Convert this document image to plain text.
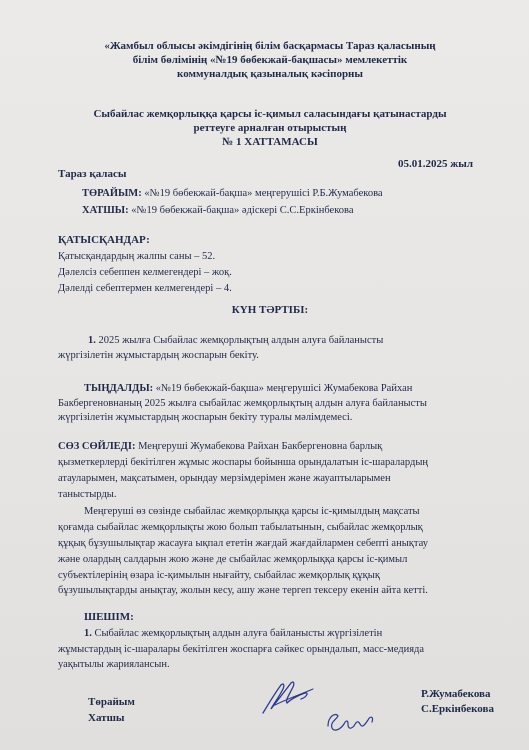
«Жамбыл облысы әкімдігінің білім басқармасы Тараз қаласының

білім бөлімінің «№19 бөбекжай-бақшасы» мемлекеттік

коммуналдық қазыналық кәсіпорны

Сыбайлас жемқорлыққа қарсы іс-қимыл саласындағы қатынастарды

реттеуге арналған отырыстың

№ 1 ХАТТАМАСЫ

Тараз қаласы

05.01.2025 жыл

ТӨРАЙЫМ: «№19 бөбекжай-бақша» меңгерушісі Р.Б.Жумабекова

ХАТШЫ: «№19 бөбекжай-бақша» әдіскері С.С.Еркінбекова

ҚАТЫСҚАНДАР:

Қатысқандардың жалпы саны – 52.

Дәлелсіз себеппен келмегендері – жоқ.

Дәлелді себептермен келмегендері – 4.

КҮН ТӘРТІБІ:

1. 2025 жылға Сыбайлас жемқорлықтың алдын алуға байланысты

жүргізілетін жұмыстардың жоспарын бекіту.

ТЫҢДАЛДЫ: «№19 бөбекжай-бақша» меңгерушісі Жумабекова Райхан

Бакбергеновнаның 2025 жылға сыбайлас жемқорлықтың алдын алуға байланысты

жүргізілетін жұмыстардың жоспарын бекіту туралы мәлімдемесі.

СӨЗ СӨЙЛЕДІ: Меңгеруші Жумабекова Райхан Бакбергеновна барлық

қызметкерлерді бекітілген жұмыс жоспары бойынша орындалатын іс-шаралардың

атауларымен, мақсатымен, орындау мерзімдерімен және жауаптыларымен

таныстырды.

Меңгеруші өз сөзінде сыбайлас жемқорлыққа қарсы іс-қимылдың мақсаты

қоғамда сыбайлас жемқорлықты жою болып табылатынын, сыбайлас жемқорлық

құқық бұзушылықтар жасауға ықпал ететін жағдай жағдайлармен себепті анықтау

және олардың салдарын жою және де сыбайлас жемқорлыққа қарсы іс-қимыл

субъектілерінің өзара іс-қимылын нығайту, сыбайлас жемқорлық құқық

бұзушылықтарды анықтау, жолын кесу, ашу және тергеп тексеру екенін айта кетті.

ШЕШІМ:

1. Сыбайлас жемқорлықтың алдын алуға байланысты жүргізілетін

жұмыстардың іс-шаралары бекітілген жоспарға сәйкес орындалып, масс-медияда

уақытылы жариялансын.

Төрайым

Хатшы

Р.Жумабекова

С.Еркінбекова
